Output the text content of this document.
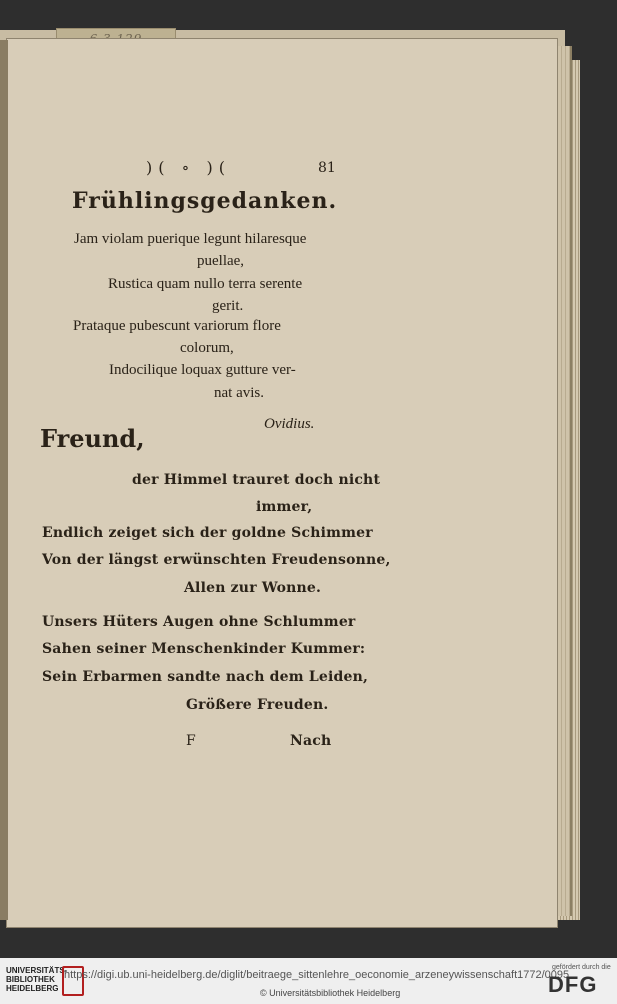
)( ∘ )(	81
Frühlingsgedanken.
Jam violam puerique legunt hilaresque
puellae,
Rustica quam nullo terra serente
gerit.
Prataque pubescunt variorum flore
colorum,
Indocilique loquax gutture ver-
nat avis.
Ovidius.
Freund,
der Himmel trauret doch nicht
immer,
Endlich zeiget sich der goldne Schimmer
Von der längst erwünschten Freudensonne,
Allen zur Wonne.
Unsers Hüters Augen ohne Schlummer
Sahen seiner Menschenkinder Kummer:
Sein Erbarmen sandte nach dem Leiden,
Größere Freuden.
F	Nach
UNIVERSITÄTS-
BIBLIOTHEK
HEIDELBERG
https://digi.ub.uni-heidelberg.de/diglit/beitraege_sittenlehre_oeconomie_arzeneywissenschaft1772/0095
© Universitätsbibliothek Heidelberg
gefördert durch die
DFG
